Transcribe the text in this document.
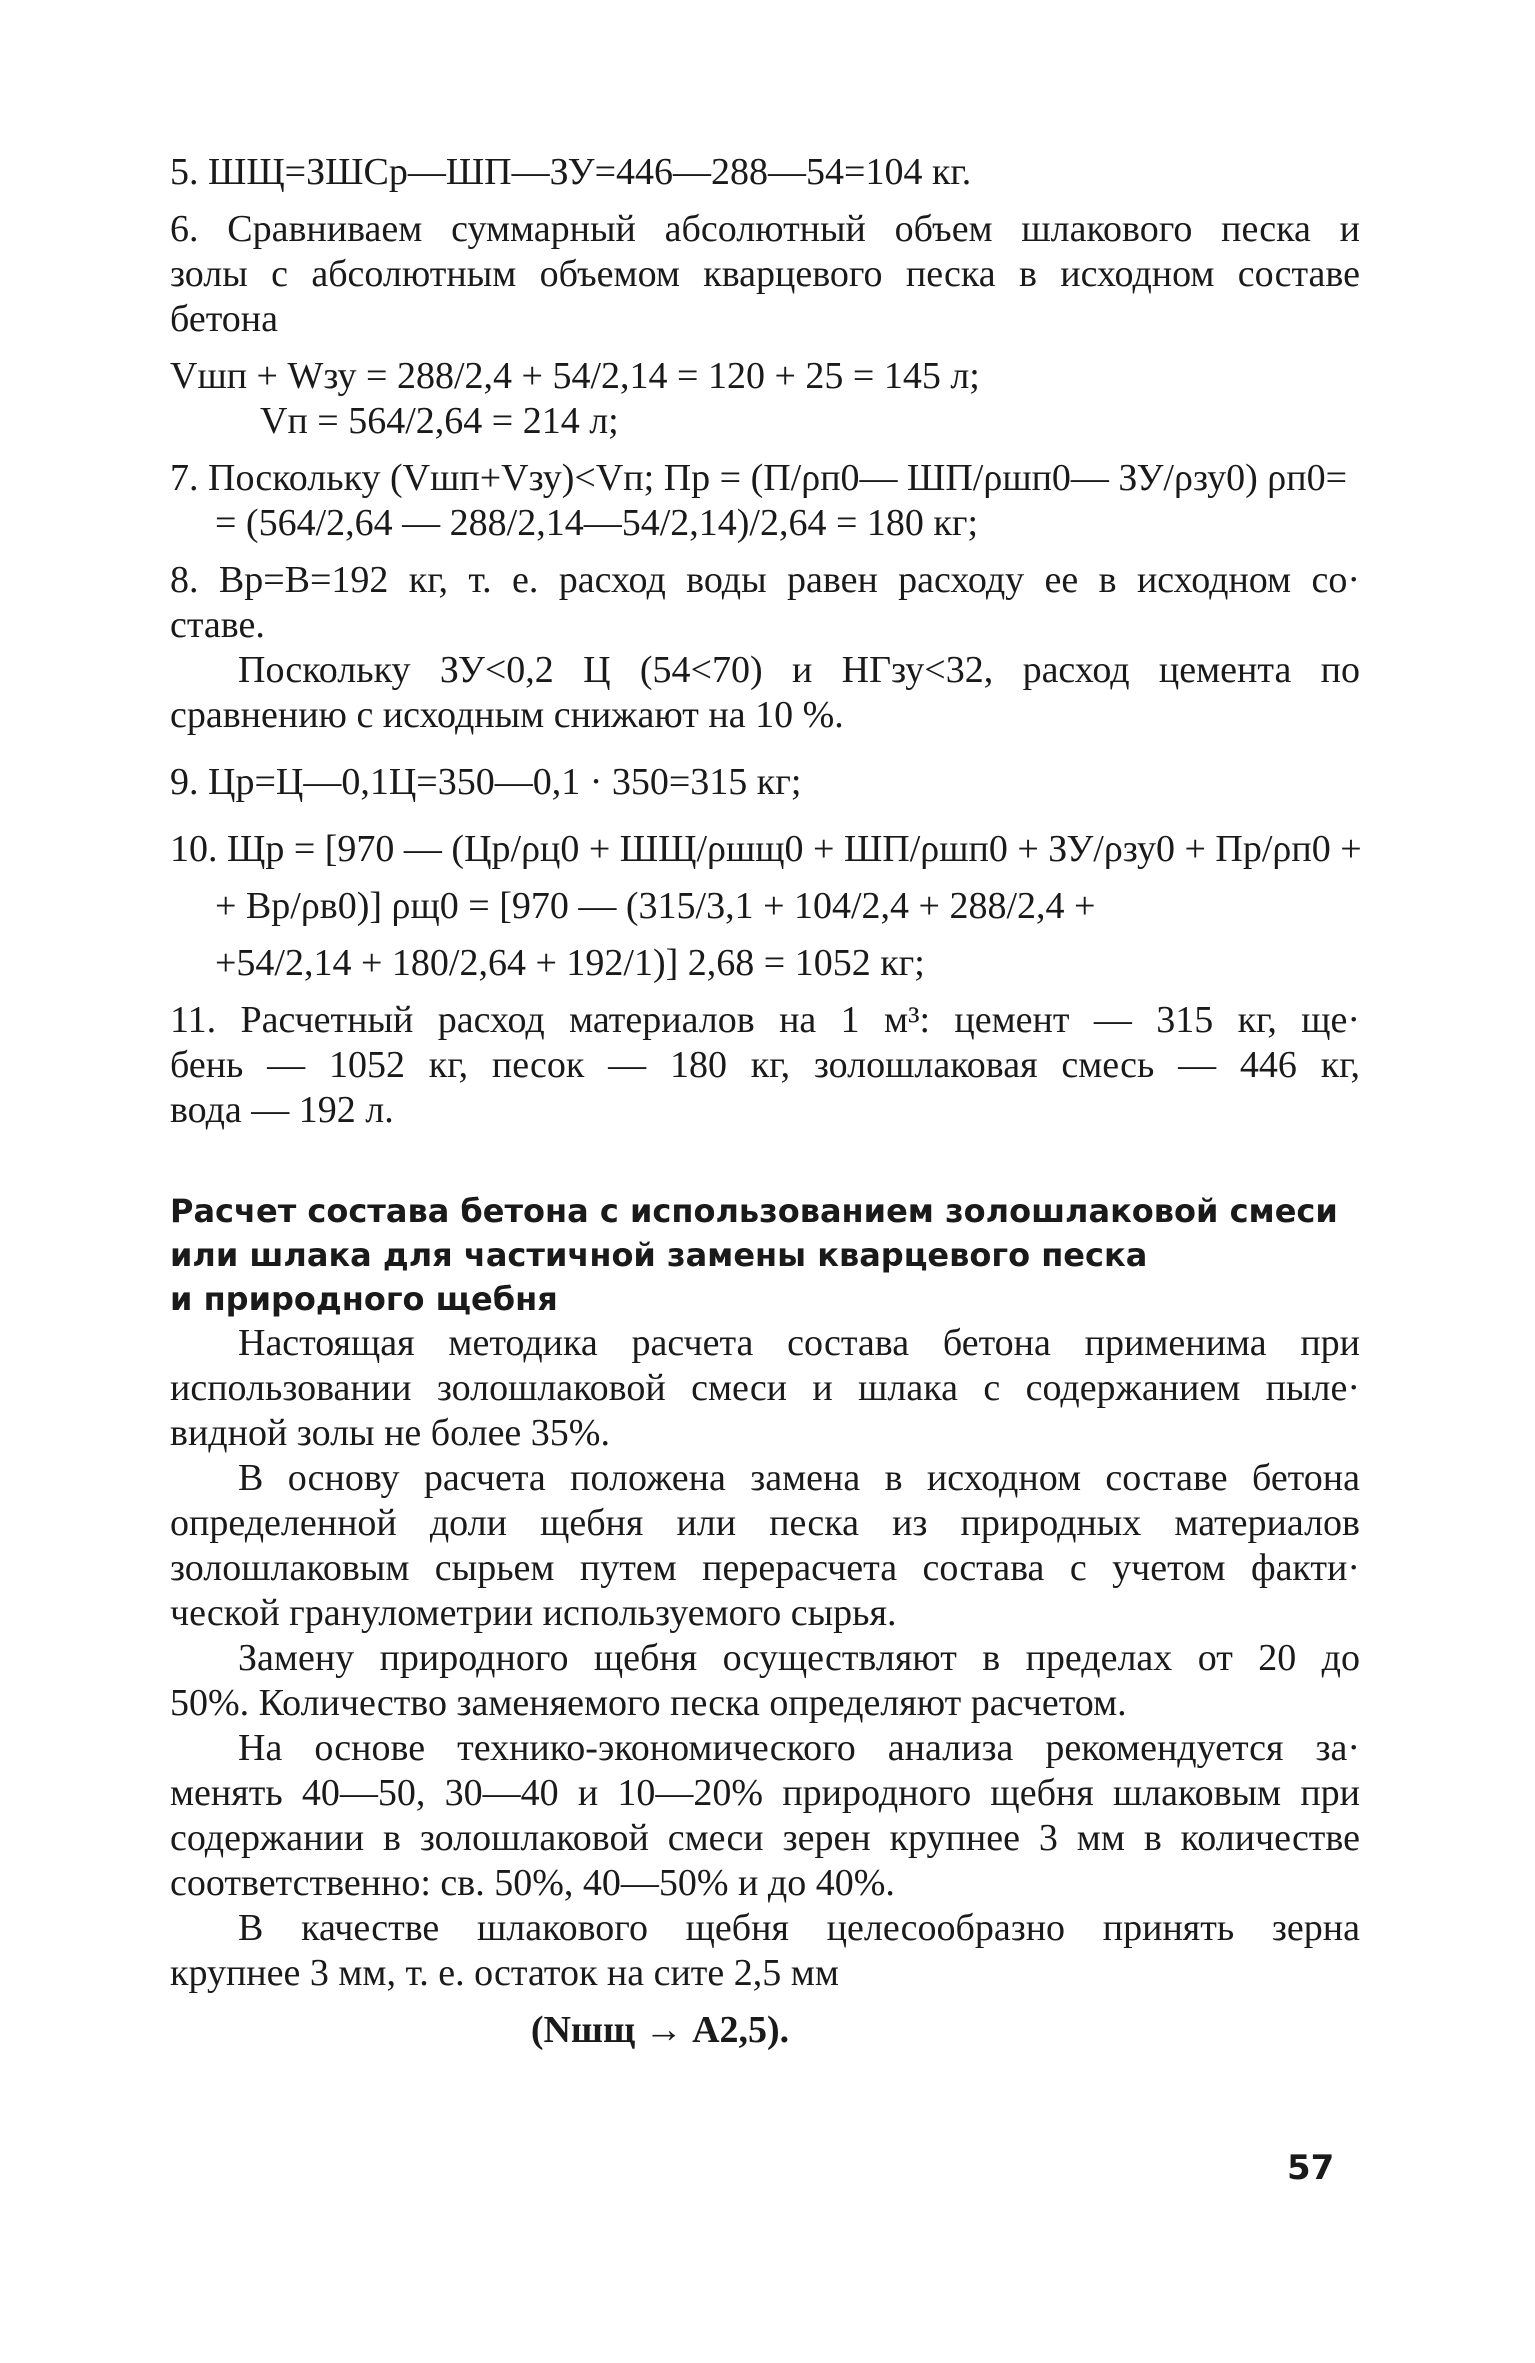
5. ШЩ=ЗШСр—ШП—ЗУ=446—288—54=104 кг.
6. Сравниваем суммарный абсолютный объем шлакового песка и
золы с абсолютным объемом кварцевого песка в исходном составе
бетона
Vшп + Wзу = 288/2,4 + 54/2,14 = 120 + 25 = 145 л;
Vп = 564/2,64 = 214 л;
7. Поскольку (Vшп+Vзу)<Vп; Пр = (П/ρп0— ШП/ρшп0— ЗУ/ρзу0) ρп0=
= (564/2,64 — 288/2,14—54/2,14)/2,64 = 180 кг;
8. Вр=В=192 кг, т. е. расход воды равен расходу ее в исходном со·
ставе.
Поскольку ЗУ<0,2 Ц (54<70) и НГзу<32, расход цемента по
сравнению с исходным снижают на 10 %.
9. Цр=Ц—0,1Ц=350—0,1 · 350=315 кг;
10. Щр = [970 — (Цр/ρц0 + ШЩ/ρшщ0 + ШП/ρшп0 + ЗУ/ρзу0 + Пр/ρп0 +
+ Вр/ρв0)] ρщ0 = [970 — (315/3,1 + 104/2,4 + 288/2,4 +
+54/2,14 + 180/2,64 + 192/1)] 2,68 = 1052 кг;
11. Расчетный расход материалов на 1 м³: цемент — 315 кг, ще·
бень — 1052 кг, песок — 180 кг, золошлаковая смесь — 446 кг,
вода — 192 л.
Расчет состава бетона с использованием золошлаковой смеси
или шлака для частичной замены кварцевого песка
и природного щебня
Настоящая методика расчета состава бетона применима при
использовании золошлаковой смеси и шлака с содержанием пыле·
видной золы не более 35%.
В основу расчета положена замена в исходном составе бетона
определенной доли щебня или песка из природных материалов
золошлаковым сырьем путем перерасчета состава с учетом факти·
ческой гранулометрии используемого сырья.
Замену природного щебня осуществляют в пределах от 20 до
50%. Количество заменяемого песка определяют расчетом.
На основе технико-экономического анализа рекомендуется за·
менять 40—50, 30—40 и 10—20% природного щебня шлаковым при
содержании в золошлаковой смеси зерен крупнее 3 мм в количестве
соответственно: св. 50%, 40—50% и до 40%.
В качестве шлакового щебня целесообразно принять зерна
крупнее 3 мм, т. е. остаток на сите 2,5 мм
(Nшщ → A2,5).
57
